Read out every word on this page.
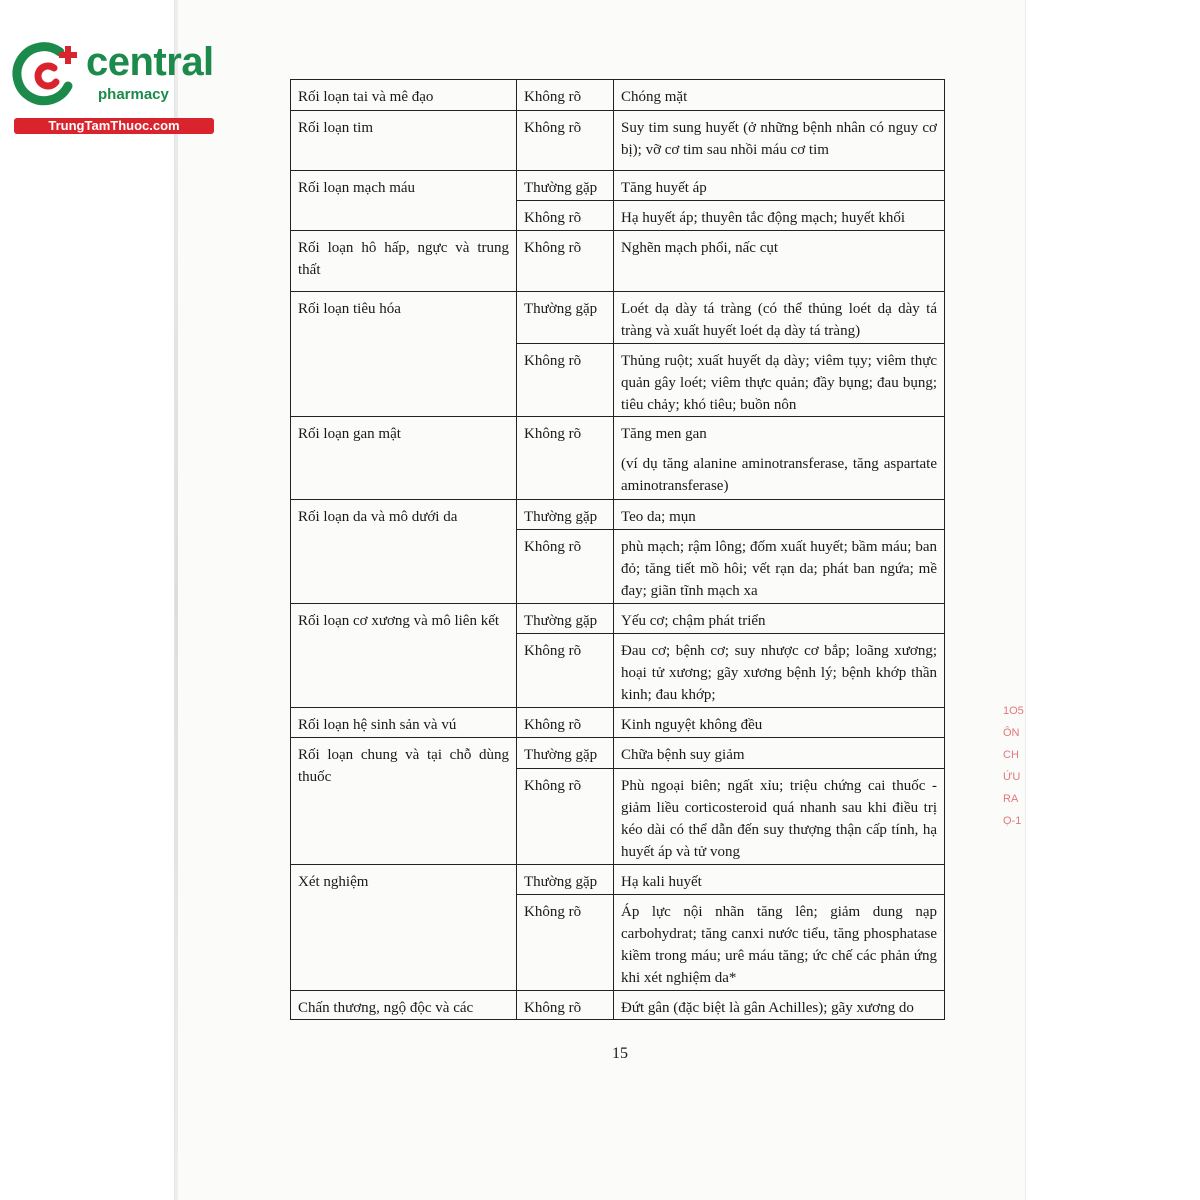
central
pharmacy
TrungTamThuoc.com
Rối loạn tai và mê đạo	Không rõ	Chóng mặt
Rối loạn tim	Không rõ	Suy tim sung huyết (ở những bệnh nhân có nguy cơ bị); vỡ cơ tim sau nhồi máu cơ tim
Rối loạn mạch máu	Thường gặp	Tăng huyết áp
	Không rõ	Hạ huyết áp; thuyên tắc động mạch; huyết khối
Rối loạn hô hấp, ngực và trung thất	Không rõ	Nghẽn mạch phổi, nấc cụt
Rối loạn tiêu hóa	Thường gặp	Loét dạ dày tá tràng (có thể thủng loét dạ dày tá tràng và xuất huyết loét dạ dày tá tràng)
	Không rõ	Thủng ruột; xuất huyết dạ dày; viêm tụy; viêm thực quản gây loét; viêm thực quản; đầy bụng; đau bụng; tiêu chảy; khó tiêu; buồn nôn
Rối loạn gan mật	Không rõ	Tăng men gan
(ví dụ tăng alanine aminotransferase, tăng aspartate aminotransferase)

Rối loạn da và mô dưới da	Thường gặp	Teo da; mụn
	Không rõ	phù mạch; rậm lông; đốm xuất huyết; bầm máu; ban đỏ; tăng tiết mồ hôi; vết rạn da; phát ban ngứa; mề đay; giãn tĩnh mạch xa
Rối loạn cơ xương và mô liên kết	Thường gặp	Yếu cơ; chậm phát triển
	Không rõ	Đau cơ; bệnh cơ; suy nhược cơ bắp; loãng xương; hoại tử xương; gãy xương bệnh lý; bệnh khớp thần kinh; đau khớp;
Rối loạn hệ sinh sản và vú	Không rõ	Kinh nguyệt không đều
Rối loạn chung và tại chỗ dùng thuốc	Thường gặp	Chữa bệnh suy giảm
	Không rõ	Phù ngoại biên; ngất xỉu; triệu chứng cai thuốc - giảm liều corticosteroid quá nhanh sau khi điều trị kéo dài có thể dẫn đến suy thượng thận cấp tính, hạ huyết áp và tử vong
Xét nghiệm	Thường gặp	Hạ kali huyết
	Không rõ	Áp lực nội nhãn tăng lên; giảm dung nạp carbohydrat; tăng canxi nước tiểu, tăng phosphatase kiềm trong máu; urê máu tăng; ức chế các phản ứng khi xét nghiệm da*
Chấn thương, ngộ độc và các	Không rõ	Đứt gân (đặc biệt là gân Achilles); gãy xương do
15
1O5
ÔN
CH
ỨU
RA
Ọ-1
